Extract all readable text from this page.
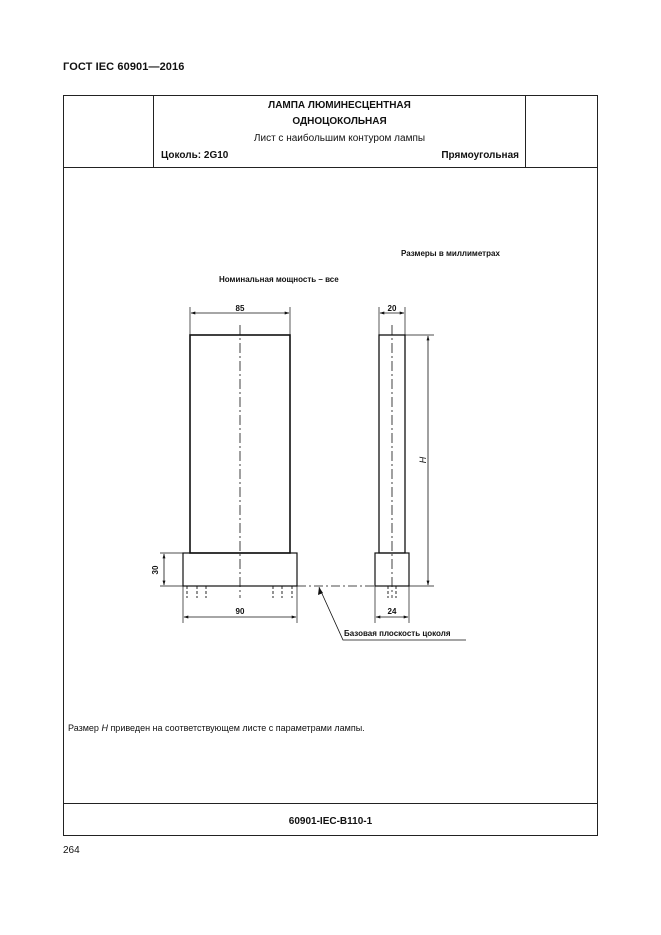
ГОСТ IEC 60901—2016
ЛАМПА ЛЮМИНЕСЦЕНТНАЯ
ОДНОЦОКОЛЬНАЯ
Лист с наибольшим контуром лампы
Цоколь: 2G10	Прямоугольная
60901-IEC-B110-1
Размеры в миллиметрах
Номинальная мощность – все
85
90
20
24
30
H
Базовая плоскость цоколя
Размер H приведен на соответствующем листе с параметрами лампы.
264
